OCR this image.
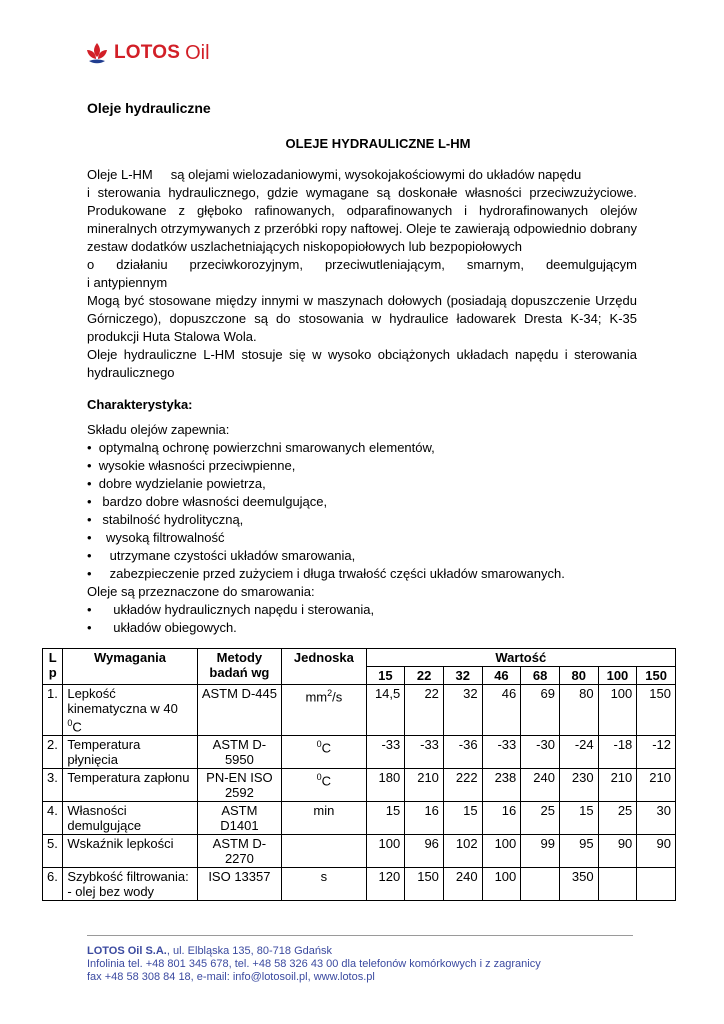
LOTOS Oil
Oleje hydrauliczne
OLEJE HYDRAULICZNE L-HM

Oleje L-HM     są olejami wielozadaniowymi, wysokojakościowymi do układów napędu

i sterowania hydraulicznego, gdzie wymagane są doskonałe własności przeciwzużyciowe. Produkowane z głęboko rafinowanych, odparafinowanych i hydrorafinowanych olejów mineralnych otrzymywanych z przeróbki ropy naftowej. Oleje te zawierają odpowiednio dobrany zestaw dodatków uszlachetniających niskopopiołowych lub bezpopiołowych

o działaniu przeciwkorozyjnym, przeciwutleniającym, smarnym, deemulgującym

i antypiennym

Mogą być stosowane między innymi w maszynach dołowych (posiadają dopuszczenie Urzędu Górniczego), dopuszczone są do stosowania w hydraulice ładowarek Dresta K-34; K-35 produkcji Huta Stalowa Wola.

Oleje hydrauliczne L-HM stosuje się w wysoko obciążonych układach napędu i sterowania hydraulicznego

Charakterystyka:
Składu olejów zapewnia:
•  optymalną ochronę powierzchni smarowanych elementów,
•  wysokie własności przeciwpienne,
•  dobre wydzielanie powietrza,
•   bardzo dobre własności deemulgujące,
•   stabilność hydrolityczną,
•    wysoką filtrowalność
•     utrzymane czystości układów smarowania,
•     zabezpieczenie przed zużyciem i długa trwałość części układów smarowanych.
Oleje są przeznaczone do smarowania:
•      układów hydraulicznych napędu i sterowania,
•      układów obiegowych.
L p	Wymagania	Metody badań wg	Jednoska	Wartość							
				15	22	32	46	68	80	100	150
1.	Lepkość kinematyczna w 40 $^0$C	ASTM D-445	$mm^2/s$	14,5	22	32	46	69	80	100	150
2.	Temperatura płynięcia	ASTM D-5950	$^0$C	-33	-33	-36	-33	-30	-24	-18	-12
3.	Temperatura zapłonu	PN-EN ISO 2592	$^0$C	180	210	222	238	240	230	210	210
4.	Własności demulgujące	ASTM D1401	min	15	16	15	16	25	15	25	30
5.	Wskaźnik lepkości	ASTM D-2270		100	96	102	100	99	95	90	90
6.	Szybkość filtrowania:
- olej bez wody	ISO 13357	s	120	150	240	100		350		
LOTOS Oil S.A., ul. Elbląska 135, 80-718 Gdańsk
Infolinia tel. +48 801 345 678, tel. +48 58 326 43 00 dla telefonów komórkowych i z zagranicy
fax +48 58 308 84 18, e-mail: info@lotosoil.pl, www.lotos.pl
